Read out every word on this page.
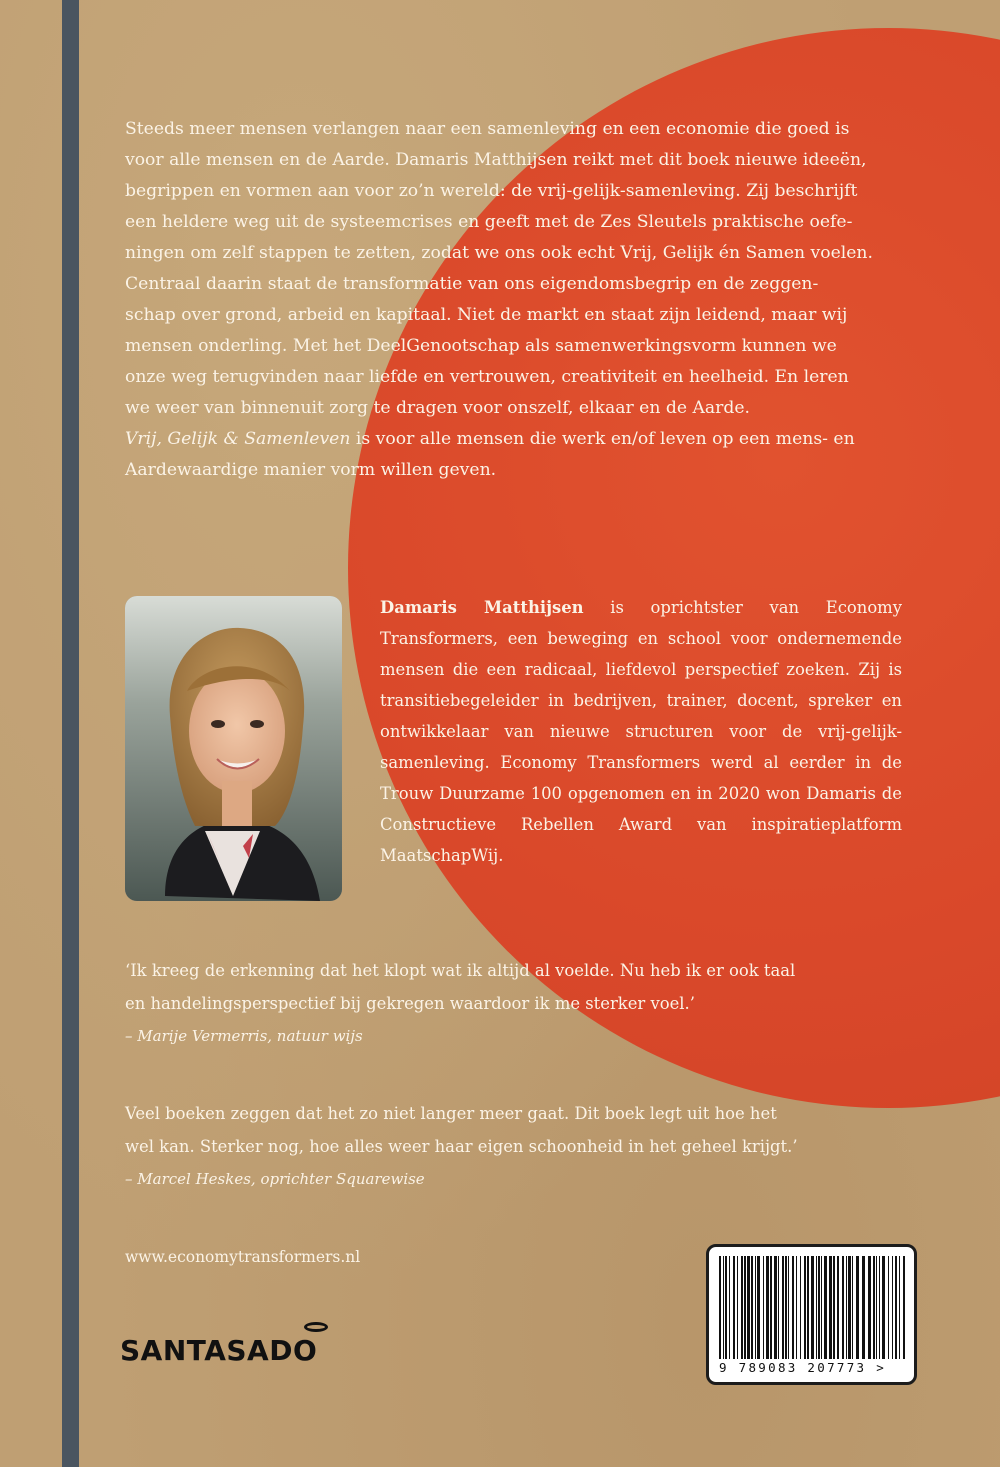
Steeds meer mensen verlangen naar een samenleving en een economie die goed is
voor alle mensen en de Aarde. Damaris Matthijsen reikt met dit boek nieuwe ideeën,
begrippen en vormen aan voor zo’n wereld: de vrij-gelijk-samenleving. Zij beschrijft
een heldere weg uit de systeemcrises en geeft met de Zes Sleutels praktische oefe-
ningen om zelf stappen te zetten, zodat we ons ook echt Vrij, Gelijk én Samen voelen.
Centraal daarin staat de transformatie van ons eigendomsbegrip en de zeggen-
schap over grond, arbeid en kapitaal. Niet de markt en staat zijn leidend, maar wij
mensen onderling. Met het DeelGenootschap als samenwerkingsvorm kunnen we
onze weg terugvinden naar liefde en vertrouwen, creativiteit en heelheid. En leren
we weer van binnenuit zorg te dragen voor onszelf, elkaar en de Aarde.
Vrij, Gelijk & Samenleven is voor alle mensen die werk en/of leven op een mens- en
Aardewaardige manier vorm willen geven.

Damaris Matthijsen is oprichtster van Economy Transformers, een beweging en school voor ondernemende mensen die een radicaal, liefdevol perspectief zoeken. Zij is transitiebegeleider in bedrijven, trainer, docent, spreker en ontwikkelaar van nieuwe structuren voor de vrij-gelijk-samenleving. Economy Transformers werd al eerder in de Trouw Duurzame 100 opgenomen en in 2020 won Damaris de Constructieve Rebellen Award van inspiratieplatform MaatschapWij.

‘Ik kreeg de erkenning dat het klopt wat ik altijd al voelde. Nu heb ik er ook taal
en handelingsperspectief bij gekregen waardoor ik me sterker voel.’
– Marije Vermerris, natuur wijs
Veel boeken zeggen dat het zo niet langer meer gaat. Dit boek legt uit hoe het
wel kan. Sterker nog, hoe alles weer haar eigen schoonheid in het geheel krijgt.’
– Marcel Heskes, oprichter Squarewise

www.economytransformers.nl

SANTASADO

9 789083 207773 >
